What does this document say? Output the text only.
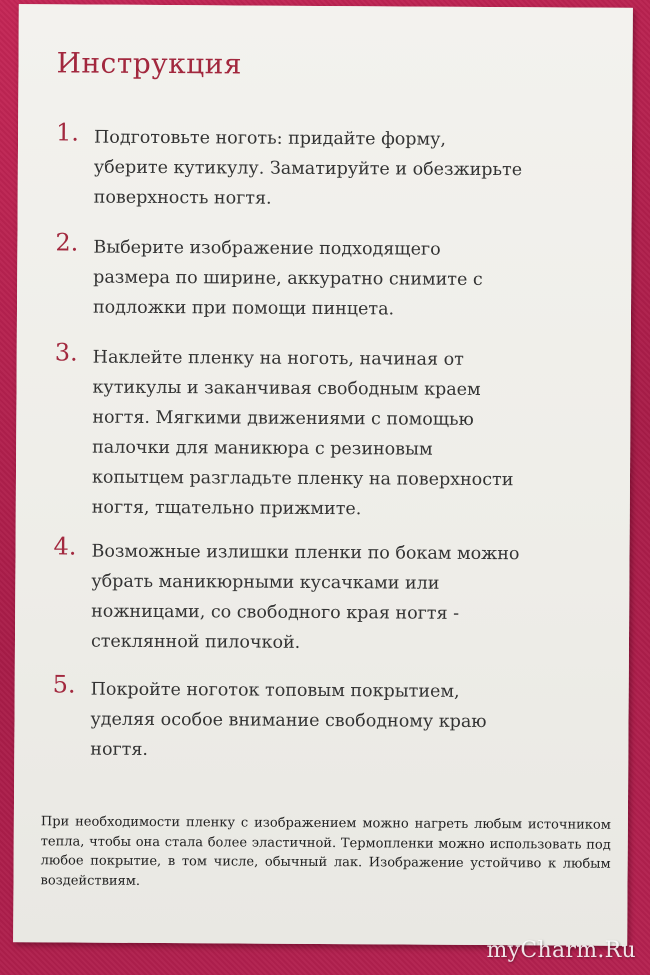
Инструкция
1. Подготовьте ноготь: придайте форму,
уберите кутикулу. Заматируйте и обезжирьте
поверхность ногтя.
2. Выберите изображение подходящего
размера по ширине, аккуратно снимите с
подложки при помощи пинцета.
3. Наклейте пленку на ноготь, начиная от
кутикулы и заканчивая свободным краем
ногтя. Мягкими движениями с помощью
палочки для маникюра с резиновым
копытцем разгладьте пленку на поверхности
ногтя, тщательно прижмите.
4. Возможные излишки пленки по бокам можно
убрать маникюрными кусачками или
ножницами, со свободного края ногтя -
стеклянной пилочкой.
5. Покройте ноготок топовым покрытием,
уделяя особое внимание свободному краю
ногтя.
При необходимости пленку с изображением можно нагреть любым источником тепла, чтобы она стала более эластичной. Термопленки можно использовать под любое покрытие, в том числе, обычный лак. Изображение устойчиво к любым воздействиям.
myCharm.Ru
